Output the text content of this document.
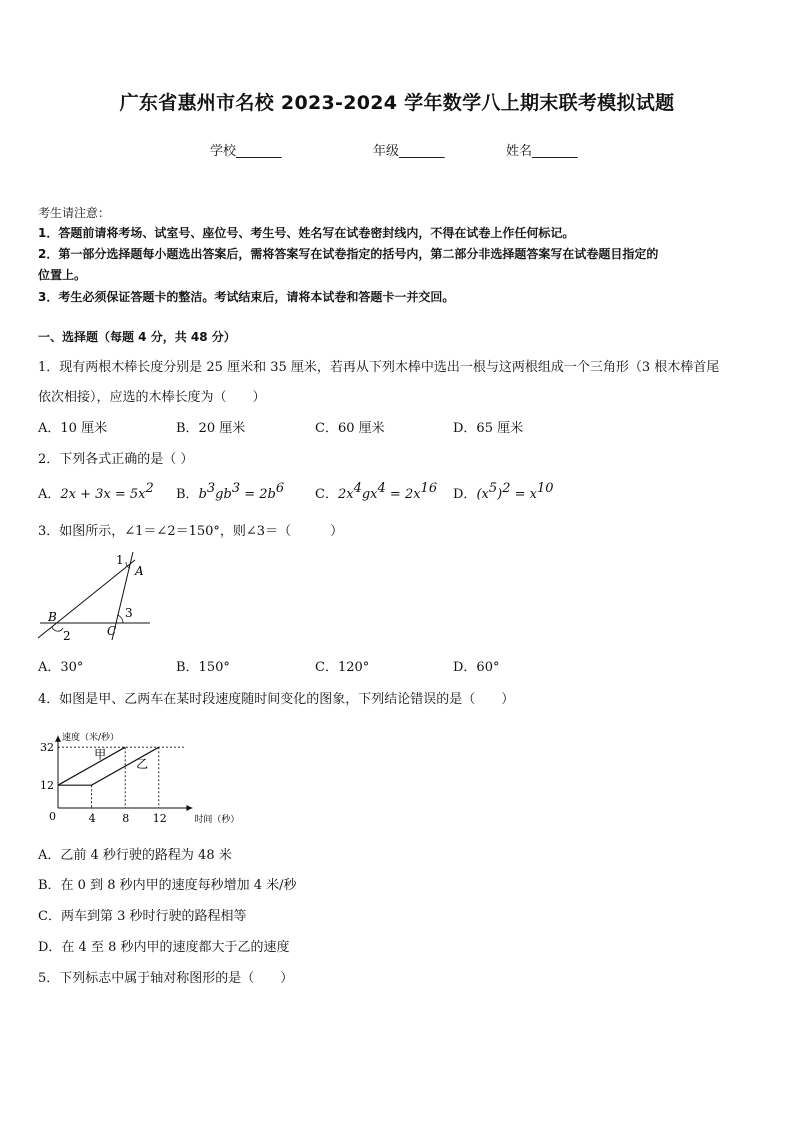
广东省惠州市名校 2023-2024 学年数学八上期末联考模拟试题
学校_______	年级_______	姓名_______
考生请注意：
1．答题前请将考场、试室号、座位号、考生号、姓名写在试卷密封线内，不得在试卷上作任何标记。
2．第一部分选择题每小题选出答案后，需将答案写在试卷指定的括号内，第二部分非选择题答案写在试卷题目指定的
位置上。
3．考生必须保证答题卡的整洁。考试结束后，请将本试卷和答题卡一并交回。
一、选择题（每题 4 分，共 48 分）
1．现有两根木棒长度分别是 25 厘米和 35 厘米，若再从下列木棒中选出一根与这两根组成一个三角形（3 根木棒首尾
依次相接），应选的木棒长度为（　　）
A．10 厘米	B．20 厘米	C．60 厘米	D．65 厘米
2．下列各式正确的是（ ）
A．$2x + 3x = 5x^2$ B．$b^3gb^3 = 2b^6$ C．$2x^4gx^4 = 2x^{16}$ D．$(x^5)^2 = x^{10}$
3．如图所示，∠1＝∠2＝150°，则∠3＝（　　　）
1
A
B
2	C
3
A．30°	B．150°	C．120°	D．60°
4．如图是甲、乙两车在某时段速度随时间变化的图象，下列结论错误的是（　　）
速度（米/秒）
时间（秒）
0
12
32
4 8 12
甲
乙
A．乙前 4 秒行驶的路程为 48 米
B．在 0 到 8 秒内甲的速度每秒增加 4 米/秒
C．两车到第 3 秒时行驶的路程相等
D．在 4 至 8 秒内甲的速度都大于乙的速度
5．下列标志中属于轴对称图形的是（　　）
